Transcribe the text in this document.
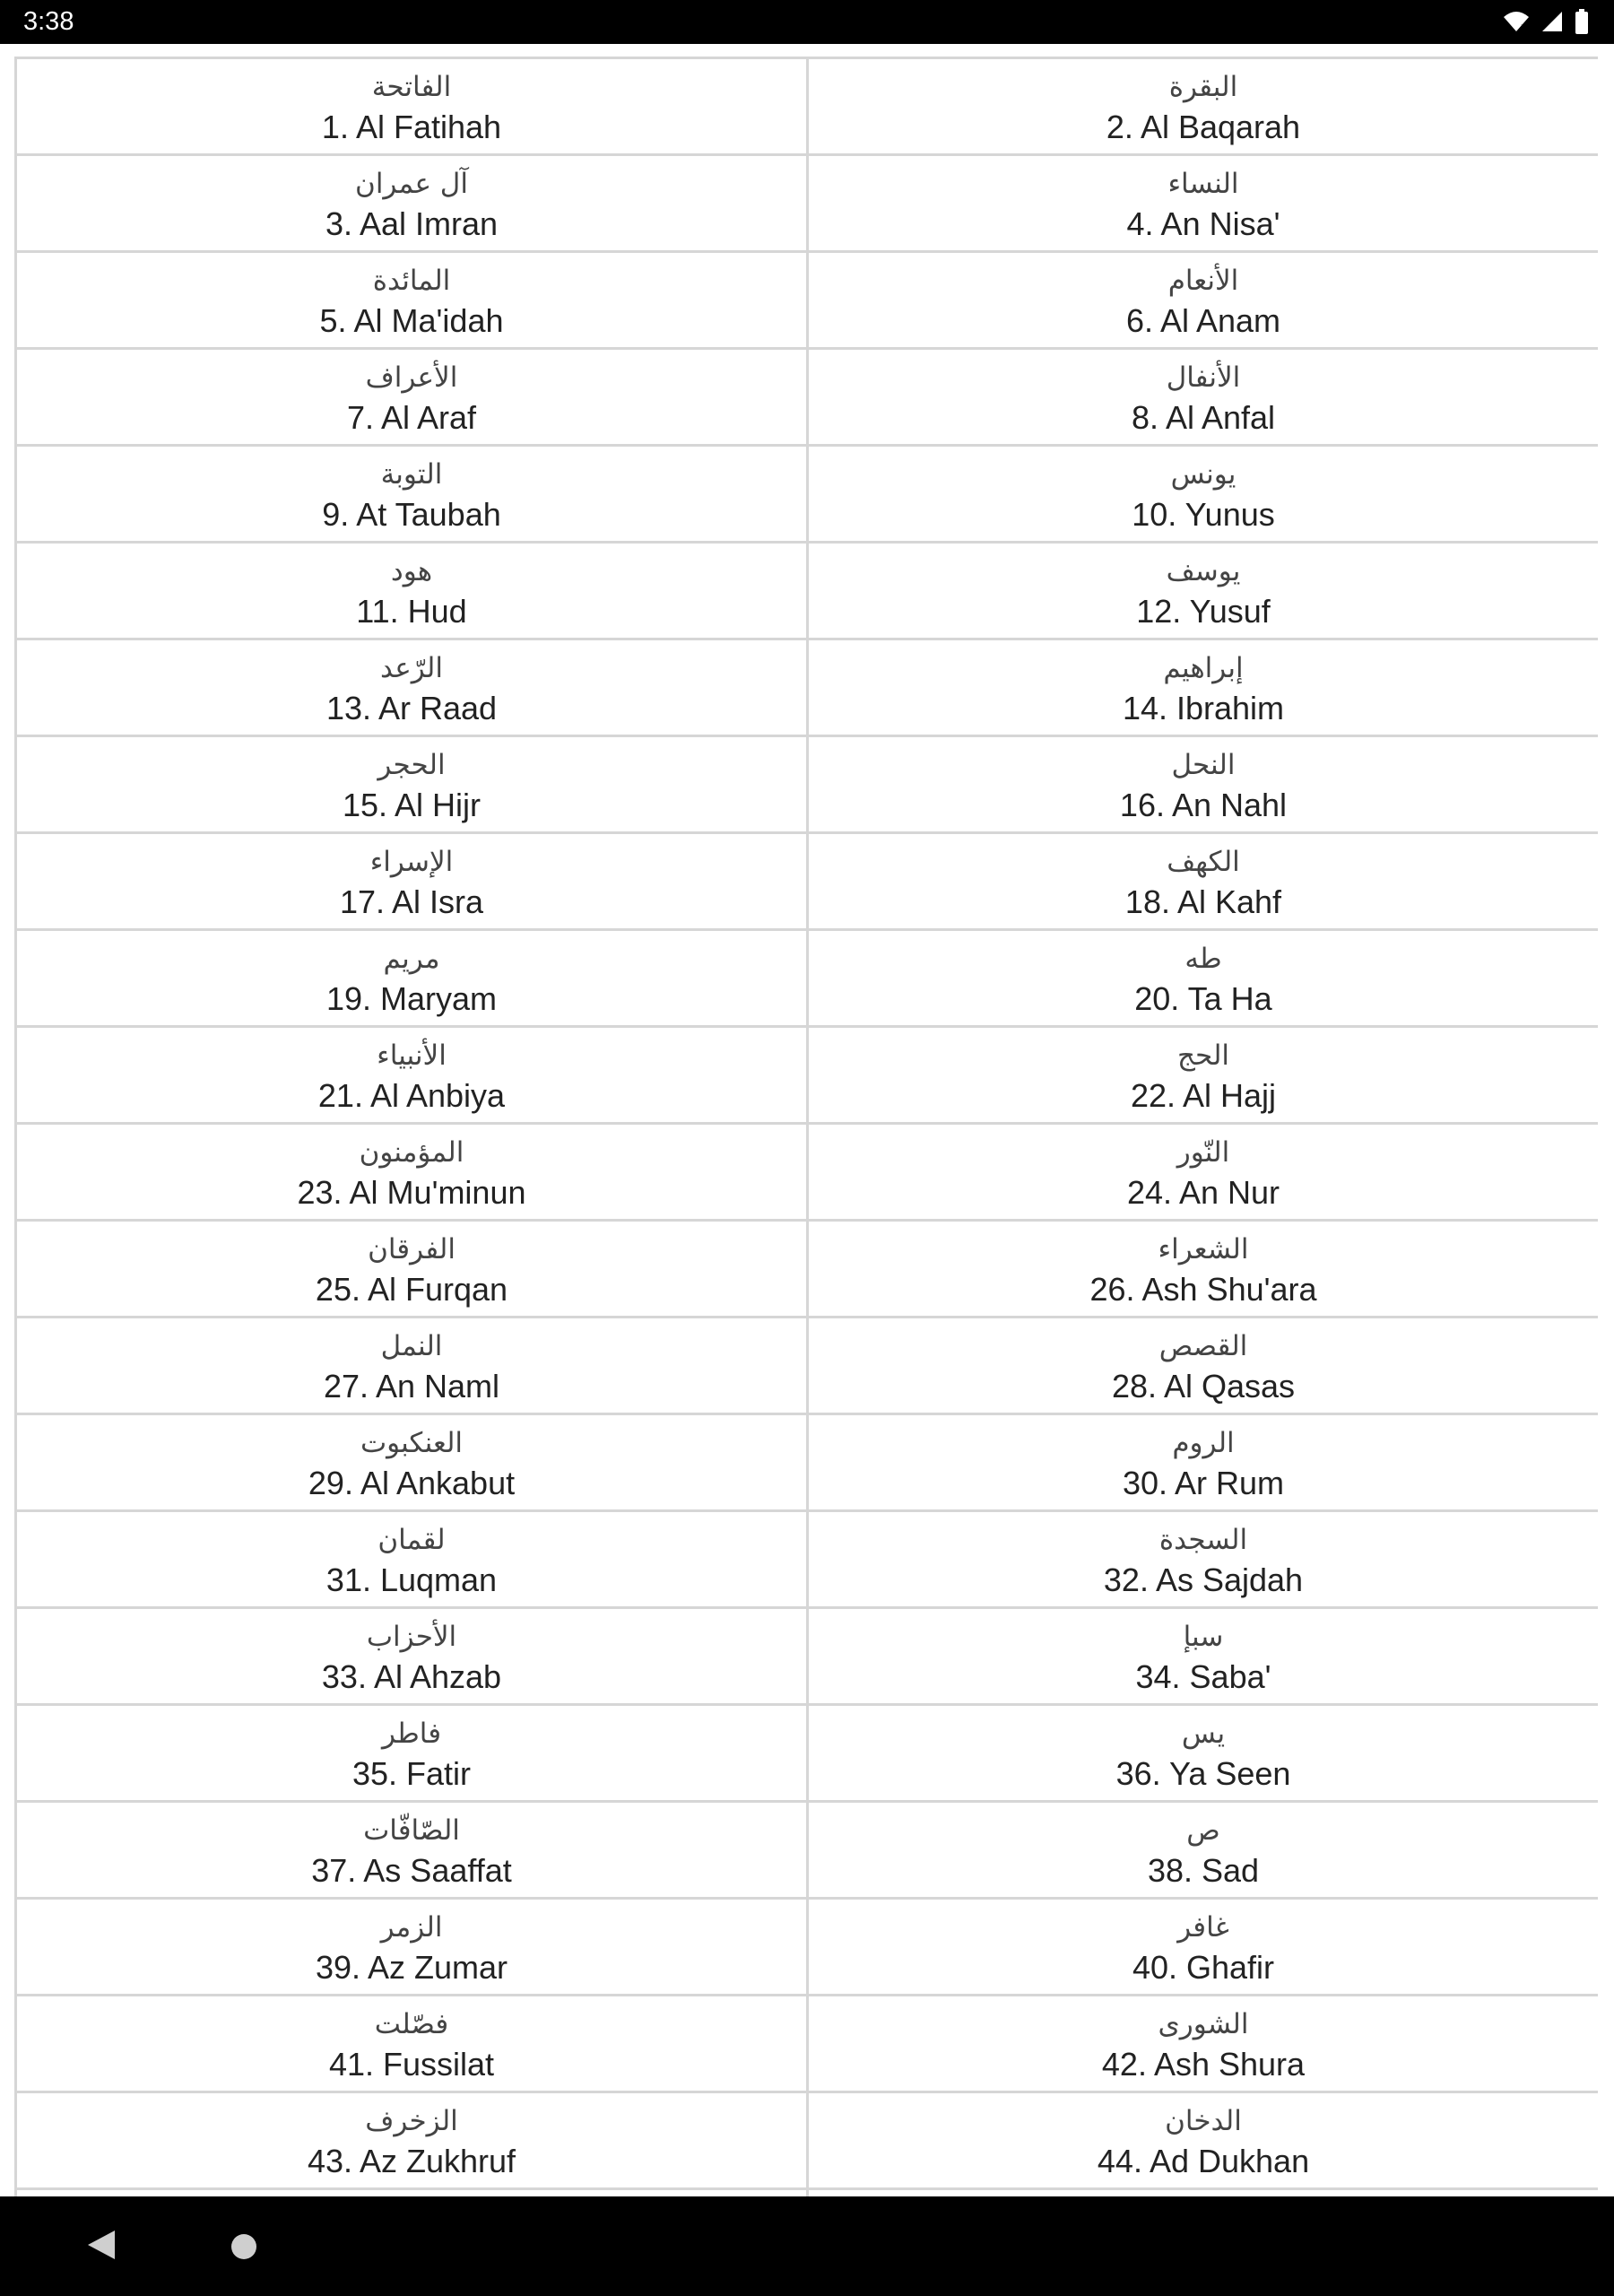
3:38	x
الفاتحة
1. Al Fatihah
البقرة
2. Al Baqarah
آل عمران
3. Aal Imran
النساء
4. An Nisa'
المائدة
5. Al Ma'idah
الأنعام
6. Al Anam
الأعراف
7. Al Araf
الأنفال
8. Al Anfal
التوبة
9. At Taubah
يونس
10. Yunus
هود
11. Hud
يوسف
12. Yusuf
الرّعد
13. Ar Raad
إبراهيم
14. Ibrahim
الحجر
15. Al Hijr
النحل
16. An Nahl
الإسراء
17. Al Isra
الكهف
18. Al Kahf
مريم
19. Maryam
طه
20. Ta Ha
الأنبياء
21. Al Anbiya
الحج
22. Al Hajj
المؤمنون
23. Al Mu'minun
النّور
24. An Nur
الفرقان
25. Al Furqan
الشعراء
26. Ash Shu'ara
النمل
27. An Naml
القصص
28. Al Qasas
العنكبوت
29. Al Ankabut
الروم
30. Ar Rum
لقمان
31. Luqman
السجدة
32. As Sajdah
الأحزاب
33. Al Ahzab
سبإ
34. Saba'
فاطر
35. Fatir
يس
36. Ya Seen
الصّافّات
37. As Saaffat
ص
38. Sad
الزمر
39. Az Zumar
غافر
40. Ghafir
فصّلت
41. Fussilat
الشورى
42. Ash Shura
الزخرف
43. Az Zukhruf
الدخان
44. Ad Dukhan
